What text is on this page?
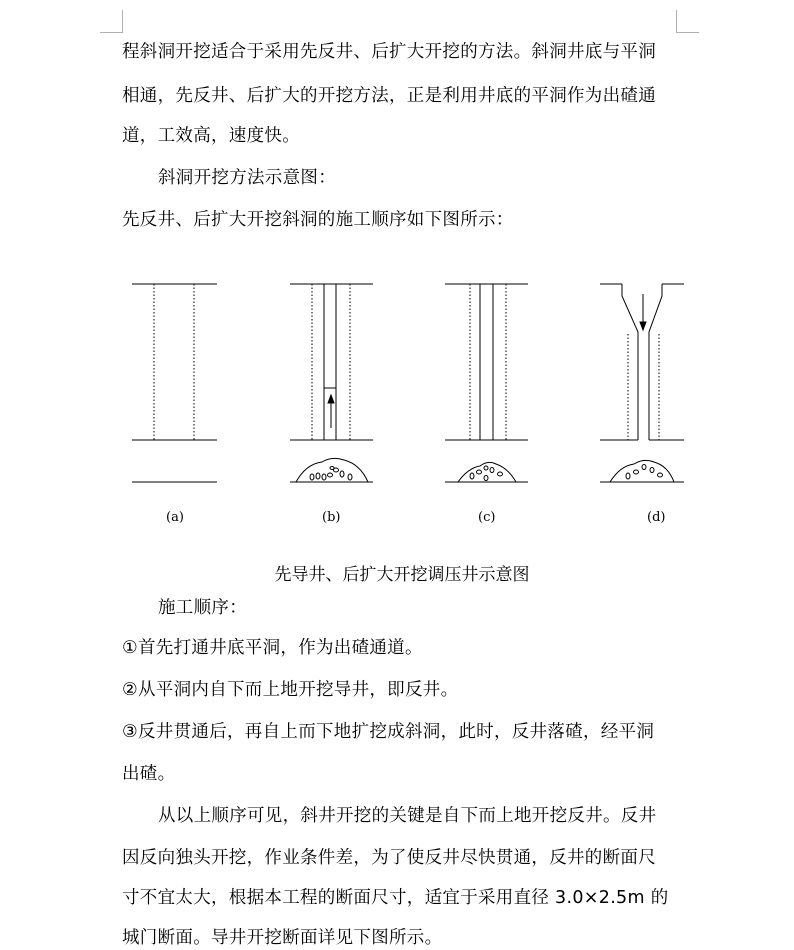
程斜洞开挖适合于采用先反井、后扩大开挖的方法。斜洞井底与平洞
相通，先反井、后扩大的开挖方法，正是利用井底的平洞作为出碴通
道，工效高，速度快。
斜洞开挖方法示意图：
先反井、后扩大开挖斜洞的施工顺序如下图所示：
(a)	(b)	(c)	(d)
先导井、后扩大开挖调压井示意图
施工顺序：
①首先打通井底平洞，作为出碴通道。
②从平洞内自下而上地开挖导井，即反井。
③反井贯通后，再自上而下地扩挖成斜洞，此时，反井落碴，经平洞
出碴。
从以上顺序可见，斜井开挖的关键是自下而上地开挖反井。反井
因反向独头开挖，作业条件差，为了使反井尽快贯通，反井的断面尺
寸不宜太大，根据本工程的断面尺寸，适宜于采用直径 3.0×2.5m 的
城门断面。导井开挖断面详见下图所示。
